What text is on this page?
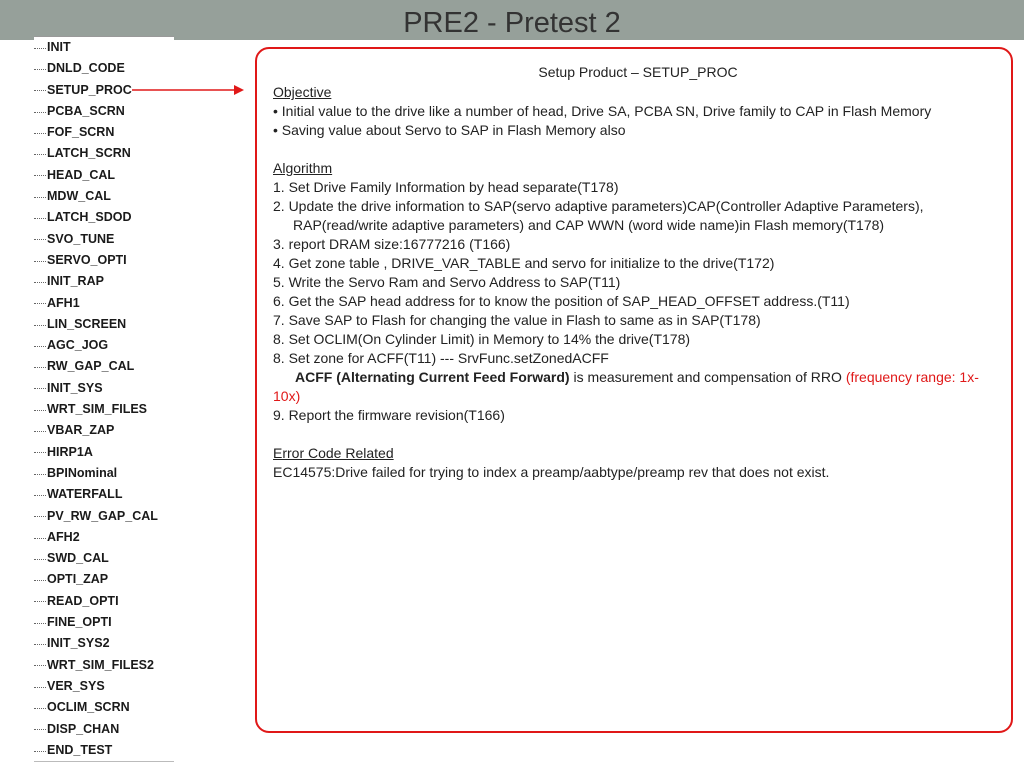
PRE2 - Pretest 2
INIT
DNLD_CODE
SETUP_PROC
PCBA_SCRN
FOF_SCRN
LATCH_SCRN
HEAD_CAL
MDW_CAL
LATCH_SDOD
SVO_TUNE
SERVO_OPTI
INIT_RAP
AFH1
LIN_SCREEN
AGC_JOG
RW_GAP_CAL
INIT_SYS
WRT_SIM_FILES
VBAR_ZAP
HIRP1A
BPINominal
WATERFALL
PV_RW_GAP_CAL
AFH2
SWD_CAL
OPTI_ZAP
READ_OPTI
FINE_OPTI
INIT_SYS2
WRT_SIM_FILES2
VER_SYS
OCLIM_SCRN
DISP_CHAN
END_TEST
Setup Product – SETUP_PROC
Objective
• Initial value to the drive like a number of head, Drive SA, PCBA SN, Drive family to CAP in Flash Memory
• Saving value about Servo to SAP in Flash Memory also
Algorithm
1. Set Drive Family Information by head separate(T178)
2. Update the drive information to SAP(servo adaptive parameters)CAP(Controller Adaptive Parameters), RAP(read/write adaptive parameters) and CAP WWN (word wide name)in Flash memory(T178)
3. report DRAM size:16777216 (T166)
4. Get zone table , DRIVE_VAR_TABLE and servo for initialize to the drive(T172)
5. Write the Servo Ram and Servo Address to SAP(T11)
6. Get the SAP head address for to know the position of SAP_HEAD_OFFSET address.(T11)
7. Save SAP to Flash for changing the value in Flash to same as in SAP(T178)
8. Set OCLIM(On Cylinder Limit) in Memory to 14% the drive(T178)
8. Set zone for ACFF(T11) --- SrvFunc.setZonedACFF
ACFF (Alternating Current Feed Forward) is measurement and compensation of RRO (frequency range: 1x-10x)
9. Report the firmware revision(T166)
Error Code Related
EC14575:Drive failed for trying to index a preamp/aabtype/preamp rev that does not exist.
